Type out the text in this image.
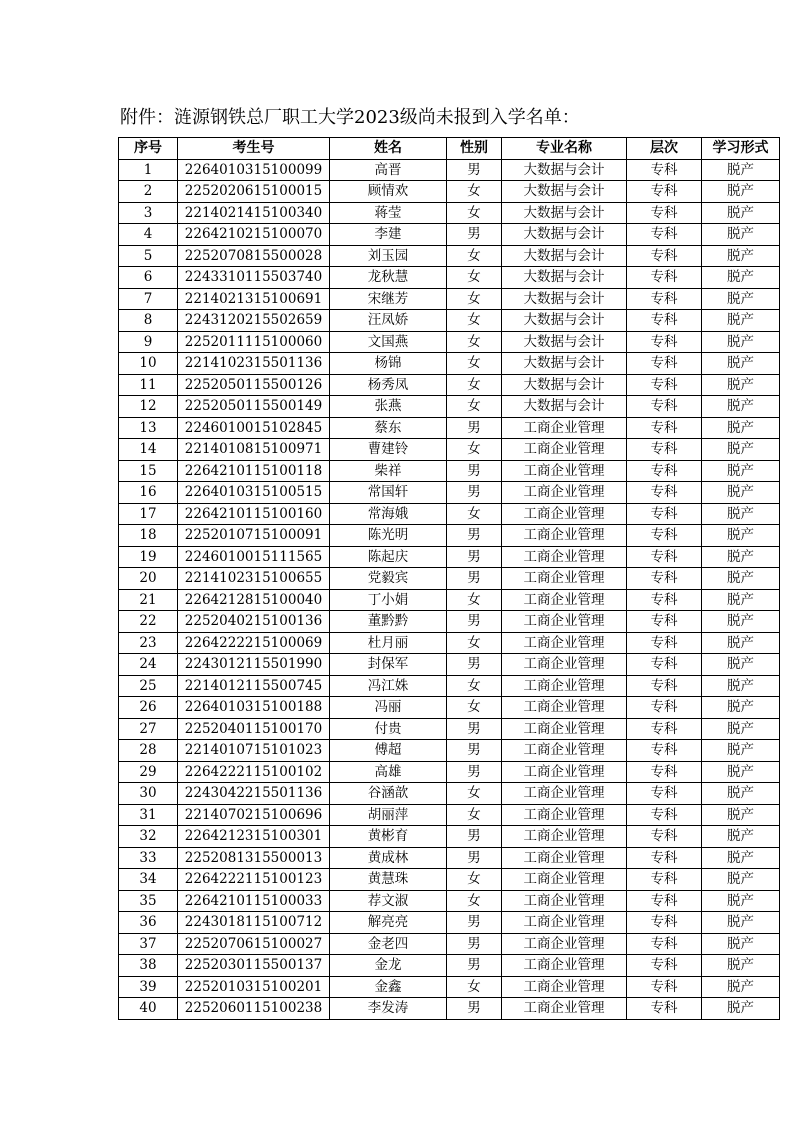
附件：涟源钢铁总厂职工大学2023级尚未报到入学名单：
序号	考生号	姓名	性别	专业名称	层次	学习形式
1	2264010315100099	高晋	男	大数据与会计	专科	脱产
2	2252020615100015	顾情欢	女	大数据与会计	专科	脱产
3	2214021415100340	蒋莹	女	大数据与会计	专科	脱产
4	2264210215100070	李建	男	大数据与会计	专科	脱产
5	2252070815500028	刘玉园	女	大数据与会计	专科	脱产
6	2243310115503740	龙秋慧	女	大数据与会计	专科	脱产
7	2214021315100691	宋继芳	女	大数据与会计	专科	脱产
8	2243120215502659	汪凤娇	女	大数据与会计	专科	脱产
9	2252011115100060	文国燕	女	大数据与会计	专科	脱产
10	2214102315501136	杨锦	女	大数据与会计	专科	脱产
11	2252050115500126	杨秀凤	女	大数据与会计	专科	脱产
12	2252050115500149	张燕	女	大数据与会计	专科	脱产
13	2246010015102845	蔡东	男	工商企业管理	专科	脱产
14	2214010815100971	曹建铃	女	工商企业管理	专科	脱产
15	2264210115100118	柴祥	男	工商企业管理	专科	脱产
16	2264010315100515	常国轩	男	工商企业管理	专科	脱产
17	2264210115100160	常海娥	女	工商企业管理	专科	脱产
18	2252010715100091	陈光明	男	工商企业管理	专科	脱产
19	2246010015111565	陈起庆	男	工商企业管理	专科	脱产
20	2214102315100655	党毅宾	男	工商企业管理	专科	脱产
21	2264212815100040	丁小娟	女	工商企业管理	专科	脱产
22	2252040215100136	董黔黔	男	工商企业管理	专科	脱产
23	2264222215100069	杜月丽	女	工商企业管理	专科	脱产
24	2243012115501990	封保军	男	工商企业管理	专科	脱产
25	2214012115500745	冯江姝	女	工商企业管理	专科	脱产
26	2264010315100188	冯丽	女	工商企业管理	专科	脱产
27	2252040115100170	付贵	男	工商企业管理	专科	脱产
28	2214010715101023	傅超	男	工商企业管理	专科	脱产
29	2264222115100102	高雄	男	工商企业管理	专科	脱产
30	2243042215501136	谷涵歆	女	工商企业管理	专科	脱产
31	2214070215100696	胡丽萍	女	工商企业管理	专科	脱产
32	2264212315100301	黄彬育	男	工商企业管理	专科	脱产
33	2252081315500013	黄成林	男	工商企业管理	专科	脱产
34	2264222115100123	黄慧珠	女	工商企业管理	专科	脱产
35	2264210115100033	荐文淑	女	工商企业管理	专科	脱产
36	2243018115100712	解亮亮	男	工商企业管理	专科	脱产
37	2252070615100027	金老四	男	工商企业管理	专科	脱产
38	2252030115500137	金龙	男	工商企业管理	专科	脱产
39	2252010315100201	金鑫	女	工商企业管理	专科	脱产
40	2252060115100238	李发涛	男	工商企业管理	专科	脱产
